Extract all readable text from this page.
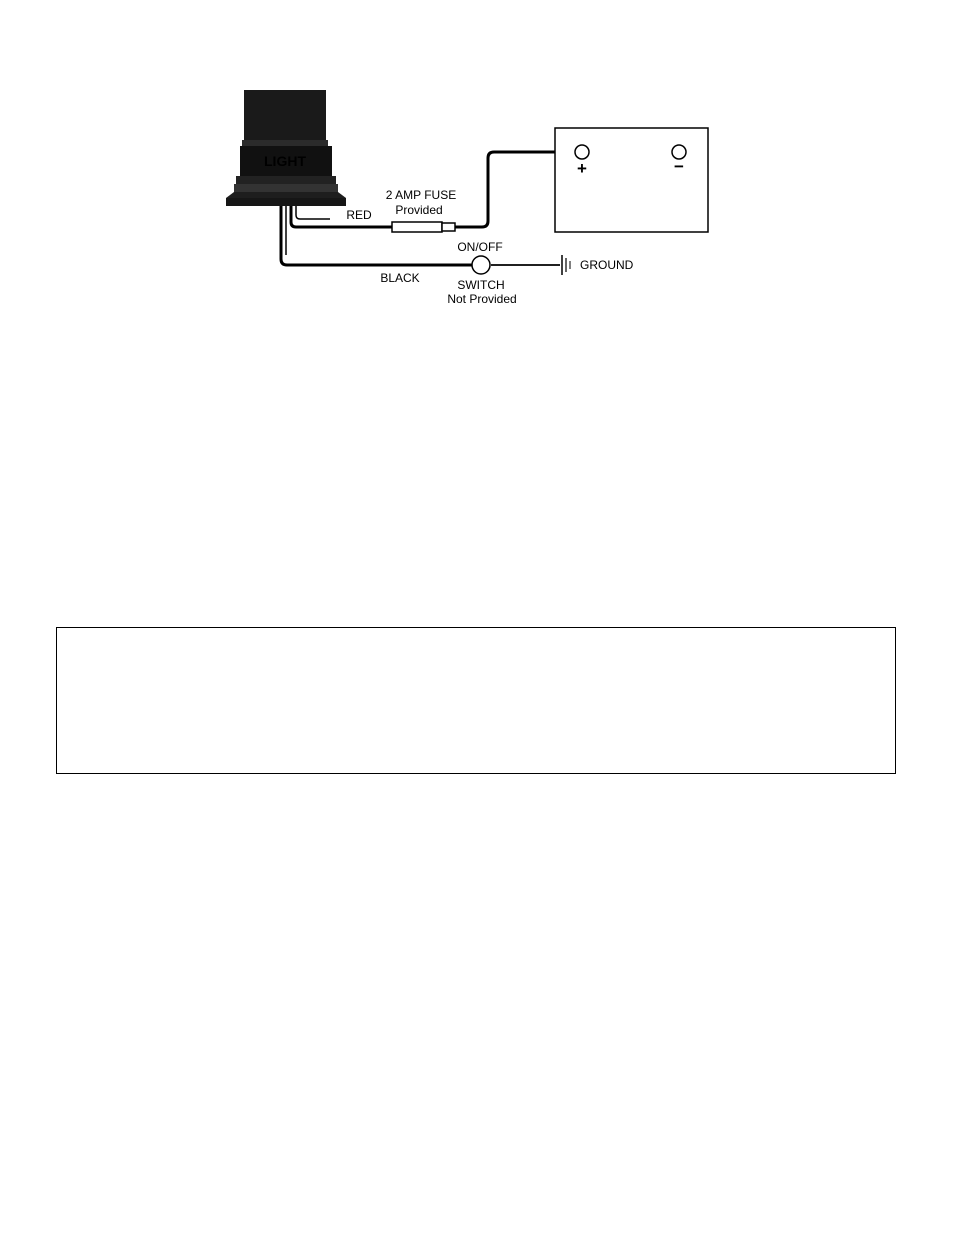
LIGHT	+	−
2 AMP FUSE
Provided
RED
ON/OFF
BLACK	SWITCH
Not Provided
GROUND
